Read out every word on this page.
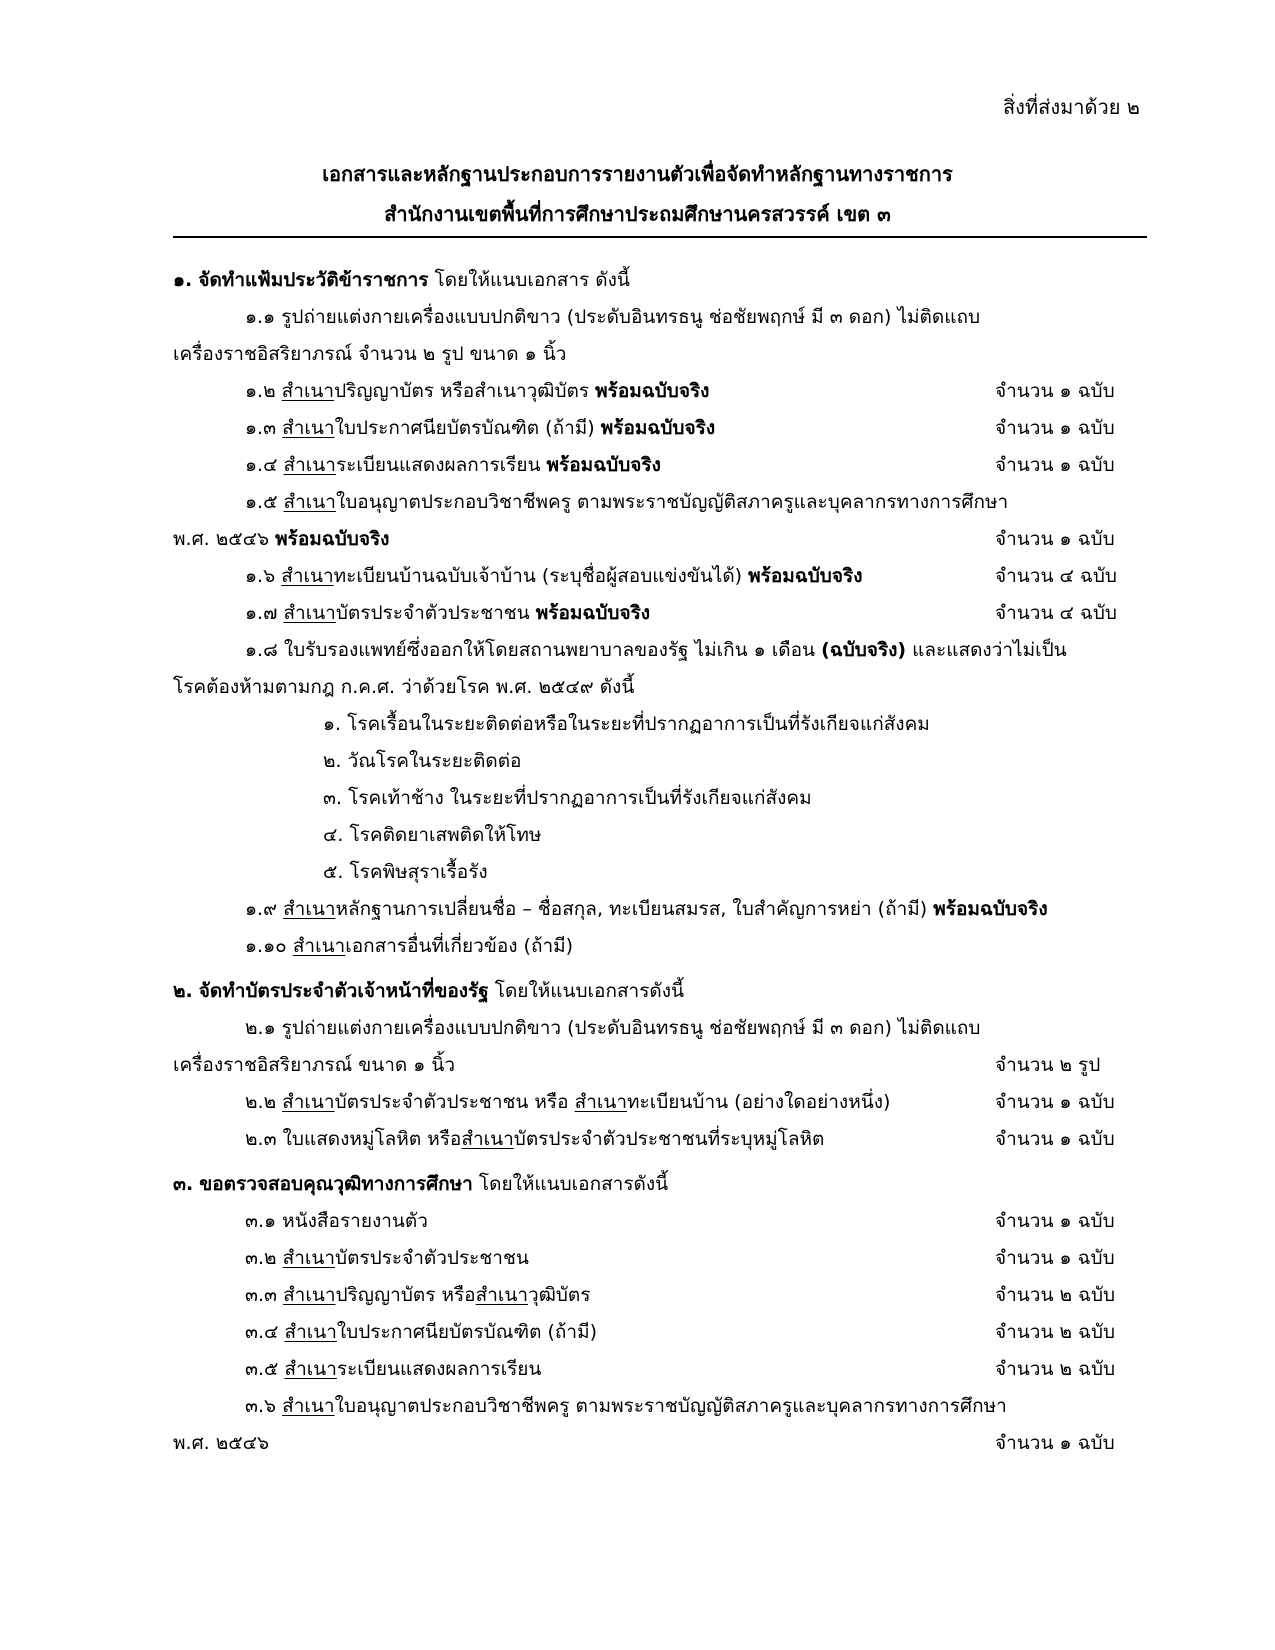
สิ่งที่ส่งมาด้วย ๒
เอกสารและหลักฐานประกอบการรายงานตัวเพื่อจัดทำหลักฐานทางราชการ
สำนักงานเขตพื้นที่การศึกษาประถมศึกษานครสวรรค์ เขต ๓
๑. จัดทำแฟ้มประวัติข้าราชการ โดยให้แนบเอกสาร ดังนี้
๑.๑ รูปถ่ายแต่งกายเครื่องแบบปกติขาว (ประดับอินทรธนู ช่อชัยพฤกษ์ มี ๓ ดอก) ไม่ติดแถบ
เครื่องราชอิสริยาภรณ์ จำนวน ๒ รูป ขนาด ๑ นิ้ว
๑.๒ สำเนาปริญญาบัตร หรือสำเนาวุฒิบัตร พร้อมฉบับจริง	จำนวน ๑ ฉบับ
๑.๓ สำเนาใบประกาศนียบัตรบัณฑิต (ถ้ามี) พร้อมฉบับจริง	จำนวน ๑ ฉบับ
๑.๔ สำเนาระเบียนแสดงผลการเรียน พร้อมฉบับจริง	จำนวน ๑ ฉบับ
๑.๕ สำเนาใบอนุญาตประกอบวิชาชีพครู ตามพระราชบัญญัติสภาครูและบุคลากรทางการศึกษา
พ.ศ. ๒๕๔๖ พร้อมฉบับจริง	จำนวน ๑ ฉบับ
๑.๖ สำเนาทะเบียนบ้านฉบับเจ้าบ้าน (ระบุชื่อผู้สอบแข่งขันได้) พร้อมฉบับจริง	จำนวน ๔ ฉบับ
๑.๗ สำเนาบัตรประจำตัวประชาชน พร้อมฉบับจริง	จำนวน ๔ ฉบับ
๑.๘ ใบรับรองแพทย์ซึ่งออกให้โดยสถานพยาบาลของรัฐ ไม่เกิน ๑ เดือน (ฉบับจริง) และแสดงว่าไม่เป็น
โรคต้องห้ามตามกฎ ก.ค.ศ. ว่าด้วยโรค พ.ศ. ๒๕๔๙ ดังนี้
๑. โรคเรื้อนในระยะติดต่อหรือในระยะที่ปรากฏอาการเป็นที่รังเกียจแก่สังคม
๒. วัณโรคในระยะติดต่อ
๓. โรคเท้าช้าง ในระยะที่ปรากฏอาการเป็นที่รังเกียจแก่สังคม
๔. โรคติดยาเสพติดให้โทษ
๕. โรคพิษสุราเรื้อรัง
๑.๙ สำเนาหลักฐานการเปลี่ยนชื่อ – ชื่อสกุล, ทะเบียนสมรส, ใบสำคัญการหย่า (ถ้ามี) พร้อมฉบับจริง
๑.๑๐ สำเนาเอกสารอื่นที่เกี่ยวข้อง (ถ้ามี)
๒. จัดทำบัตรประจำตัวเจ้าหน้าที่ของรัฐ โดยให้แนบเอกสารดังนี้
๒.๑ รูปถ่ายแต่งกายเครื่องแบบปกติขาว (ประดับอินทรธนู ช่อชัยพฤกษ์ มี ๓ ดอก) ไม่ติดแถบ
เครื่องราชอิสริยาภรณ์ ขนาด ๑ นิ้ว	จำนวน ๒ รูป
๒.๒ สำเนาบัตรประจำตัวประชาชน หรือ สำเนาทะเบียนบ้าน (อย่างใดอย่างหนึ่ง)	จำนวน ๑ ฉบับ
๒.๓ ใบแสดงหมู่โลหิต หรือสำเนาบัตรประจำตัวประชาชนที่ระบุหมู่โลหิต	จำนวน ๑ ฉบับ
๓. ขอตรวจสอบคุณวุฒิทางการศึกษา โดยให้แนบเอกสารดังนี้
๓.๑ หนังสือรายงานตัว	จำนวน ๑ ฉบับ
๓.๒ สำเนาบัตรประจำตัวประชาชน	จำนวน ๑ ฉบับ
๓.๓ สำเนาปริญญาบัตร หรือสำเนาวุฒิบัตร	จำนวน ๒ ฉบับ
๓.๔ สำเนาใบประกาศนียบัตรบัณฑิต (ถ้ามี)	จำนวน ๒ ฉบับ
๓.๕ สำเนาระเบียนแสดงผลการเรียน	จำนวน ๒ ฉบับ
๓.๖ สำเนาใบอนุญาตประกอบวิชาชีพครู ตามพระราชบัญญัติสภาครูและบุคลากรทางการศึกษา
พ.ศ. ๒๕๔๖	จำนวน ๑ ฉบับ
